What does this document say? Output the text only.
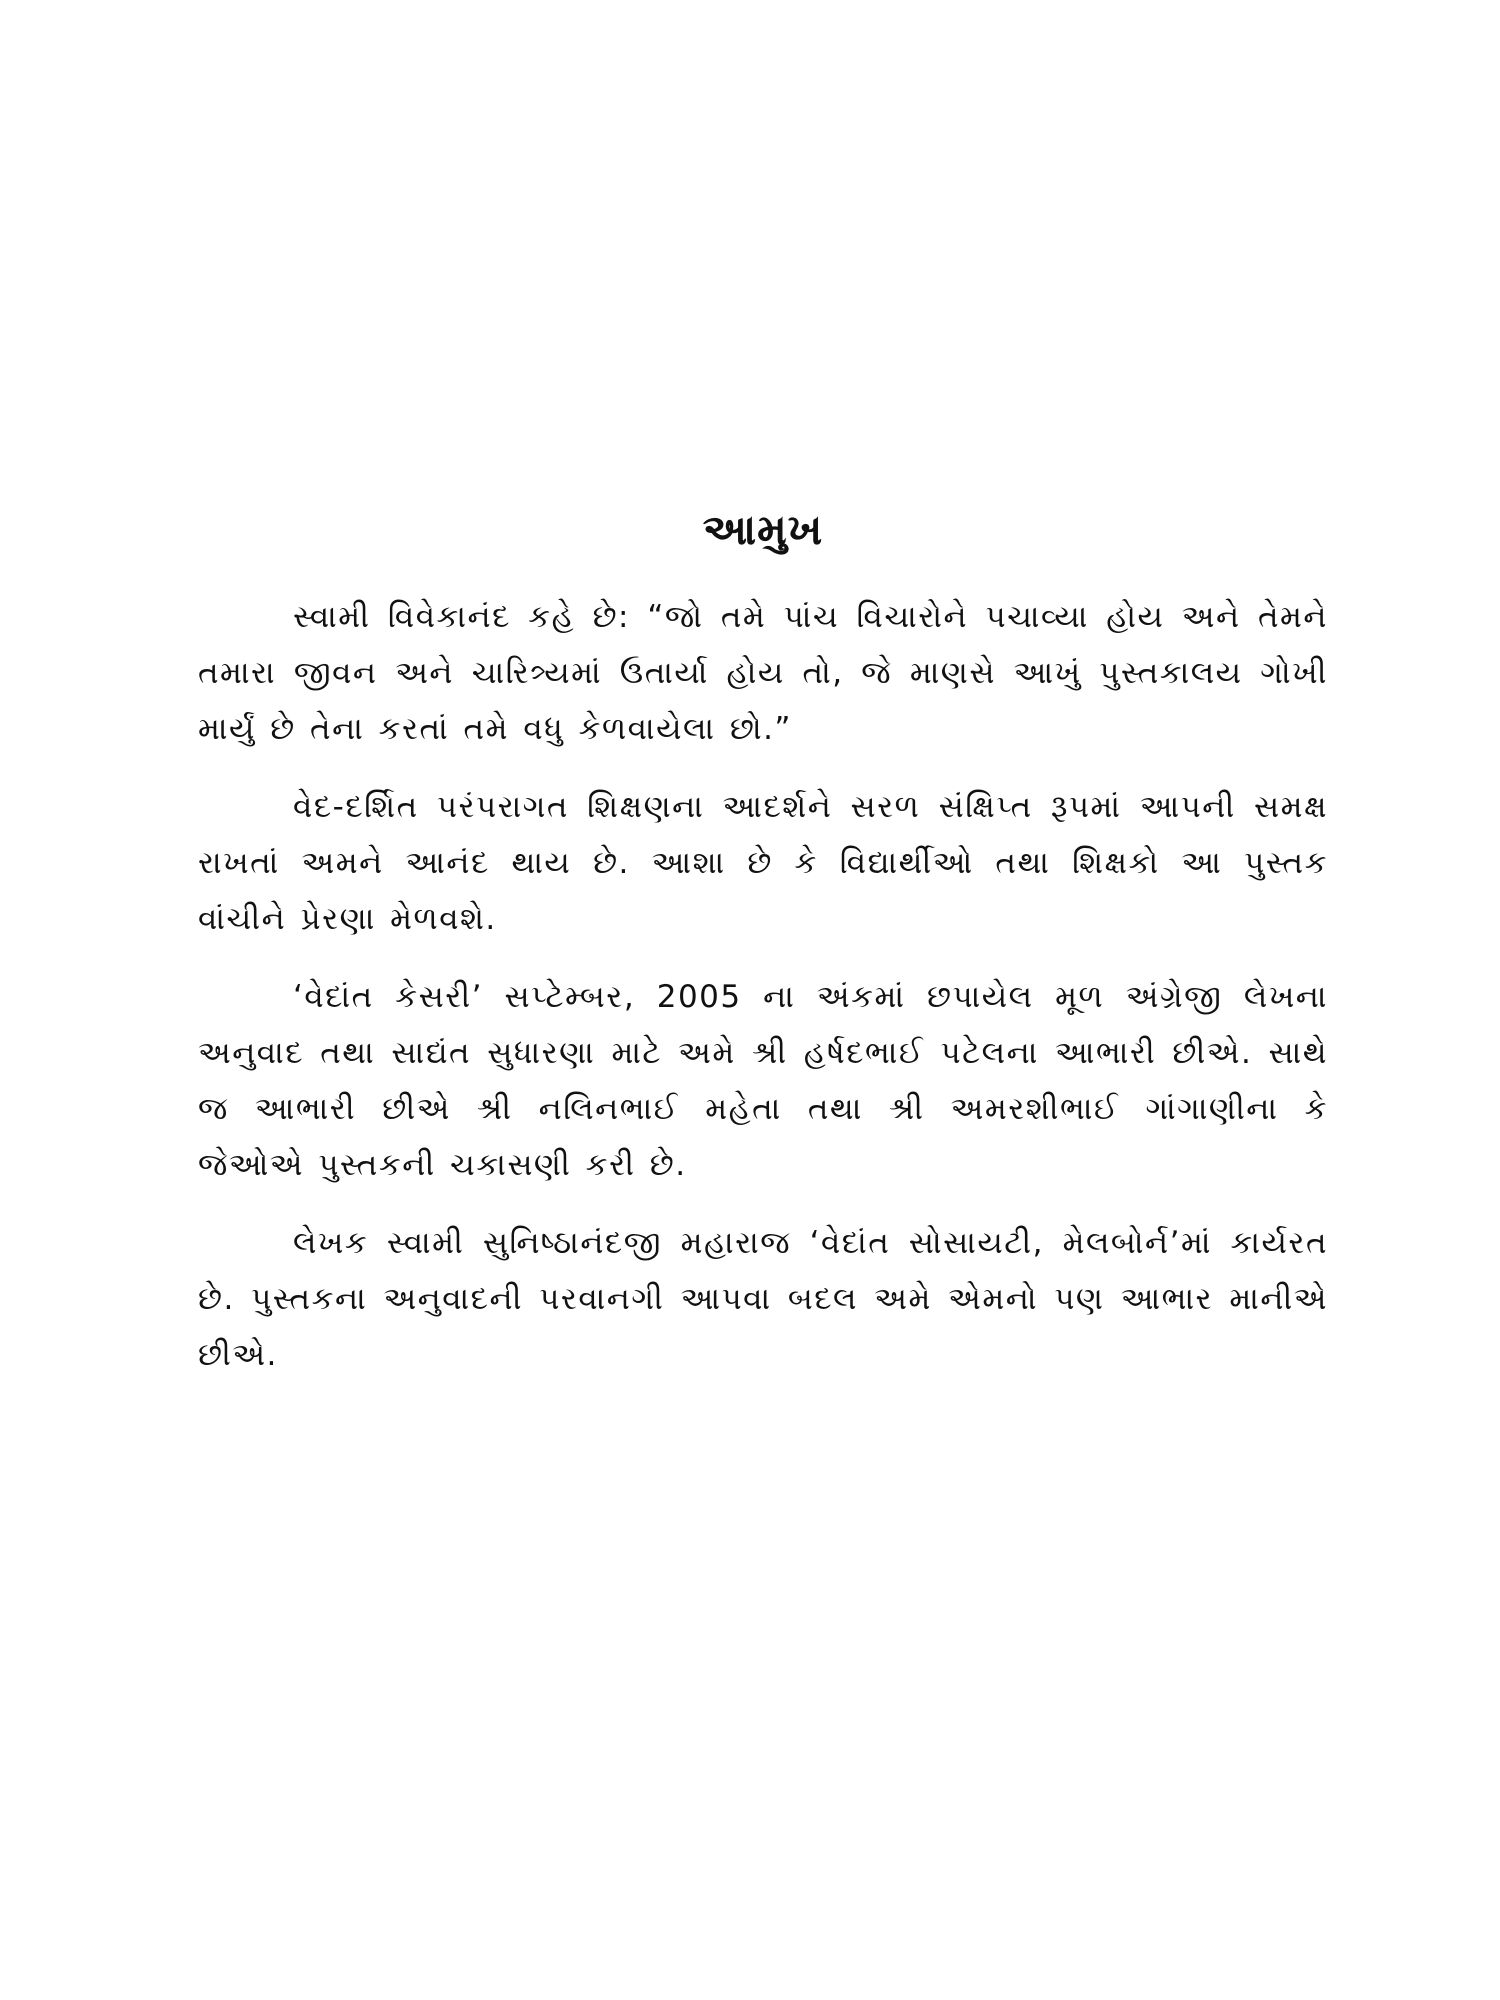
આમુખ

સ્વામી વિવેકાનંદ કહે છે: “જો તમે પાંચ વિચારોને પચાવ્યા હોય અને તેમને તમારા જીવન અને ચારિત્ર્યમાં ઉતાર્યા હોય તો, જે માણસે આખું પુસ્તકાલય ગોખી માર્યું છે તેના કરતાં તમે વધુ કેળવાયેલા છો.”

વેદ-દર્શિત પરંપરાગત શિક્ષણના આદર્શને સરળ સંક્ષિપ્ત રૂપમાં આપની સમક્ષ રાખતાં અમને આનંદ થાય છે. આશા છે કે વિદ્યાર્થીઓ તથા શિક્ષકો આ પુસ્તક વાંચીને પ્રેરણા મેળવશે.

‘વેદાંત કેસરી’ સપ્ટેમ્બર, 2005 ના અંકમાં છપાયેલ મૂળ અંગ્રેજી લેખના અનુવાદ તથા સાદ્યંત સુધારણા માટે અમે શ્રી હર્ષદભાઈ પટેલના આભારી છીએ. સાથે જ આભારી છીએ શ્રી નલિનભાઈ મહેતા તથા શ્રી અમરશીભાઈ ગાંગાણીના કે જેઓએ પુસ્તકની ચકાસણી કરી છે.

લેખક સ્વામી સુનિષ્ઠાનંદજી મહારાજ ‘વેદાંત સોસાયટી, મેલબોર્ન’માં કાર્યરત છે. પુસ્તકના અનુવાદની પરવાનગી આપવા બદલ અમે એમનો પણ આભાર માનીએ છીએ.
